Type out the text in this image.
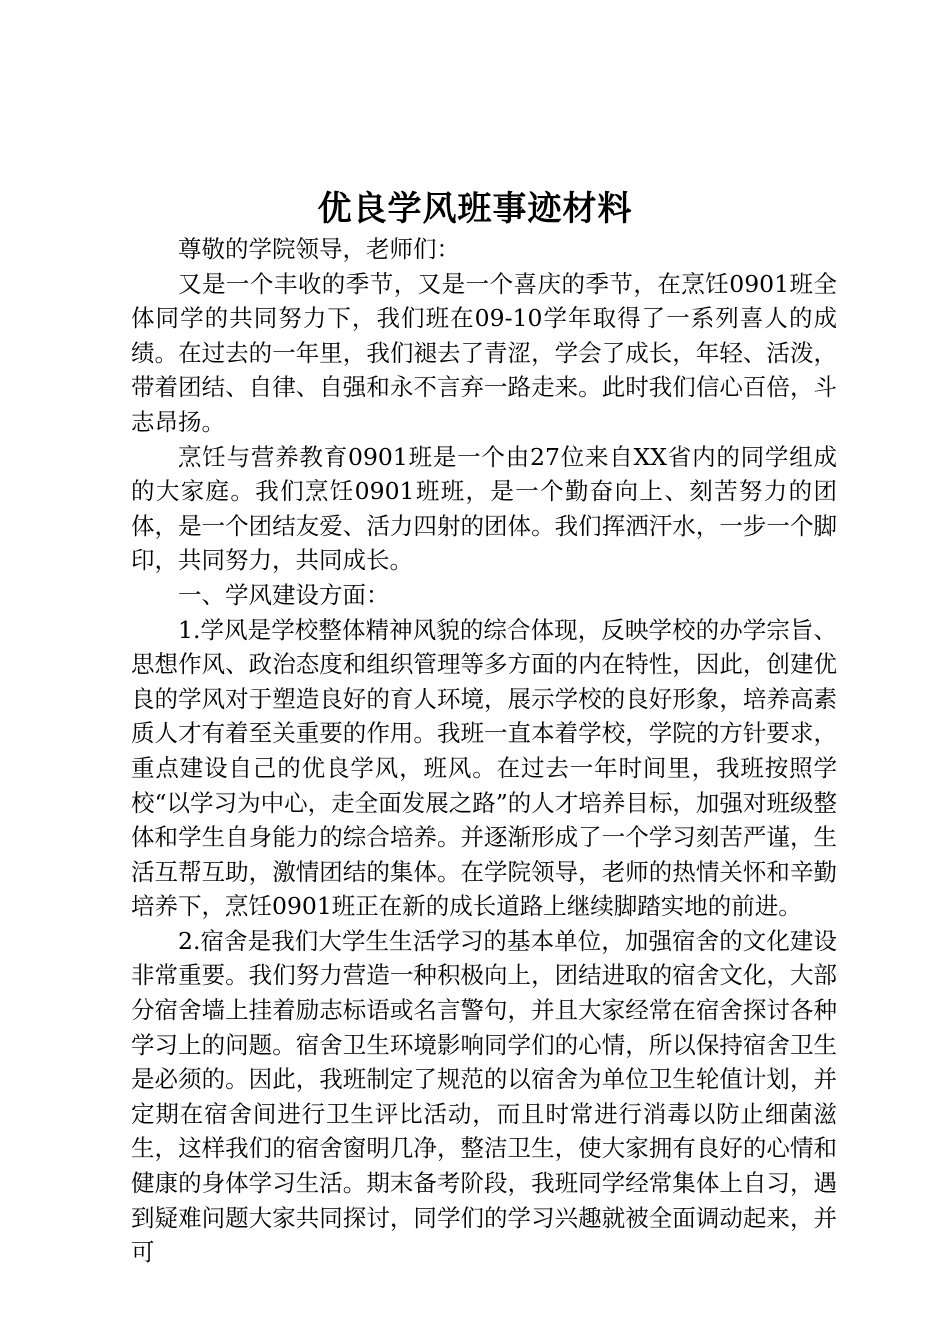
优良学风班事迹材料

尊敬的学院领导，老师们：

又是一个丰收的季节，又是一个喜庆的季节，在烹饪0901班全体同学的共同努力下，我们班在09-10学年取得了一系列喜人的成绩。在过去的一年里，我们褪去了青涩，学会了成长，年轻、活泼，带着团结、自律、自强和永不言弃一路走来。此时我们信心百倍，斗志昂扬。

烹饪与营养教育0901班是一个由27位来自XX省内的同学组成的大家庭。我们烹饪0901班班，是一个勤奋向上、刻苦努力的团体，是一个团结友爱、活力四射的团体。我们挥洒汗水，一步一个脚印，共同努力，共同成长。

一、学风建设方面：

1.学风是学校整体精神风貌的综合体现，反映学校的办学宗旨、思想作风、政治态度和组织管理等多方面的内在特性，因此，创建优良的学风对于塑造良好的育人环境，展示学校的良好形象，培养高素质人才有着至关重要的作用。我班一直本着学校，学院的方针要求，重点建设自己的优良学风，班风。在过去一年时间里，我班按照学校“以学习为中心，走全面发展之路”的人才培养目标，加强对班级整体和学生自身能力的综合培养。并逐渐形成了一个学习刻苦严谨，生活互帮互助，激情团结的集体。在学院领导，老师的热情关怀和辛勤培养下，烹饪0901班正在新的成长道路上继续脚踏实地的前进。

2.宿舍是我们大学生生活学习的基本单位，加强宿舍的文化建设非常重要。我们努力营造一种积极向上，团结进取的宿舍文化，大部分宿舍墙上挂着励志标语或名言警句，并且大家经常在宿舍探讨各种学习上的问题。宿舍卫生环境影响同学们的心情，所以保持宿舍卫生是必须的。因此，我班制定了规范的以宿舍为单位卫生轮值计划，并定期在宿舍间进行卫生评比活动，而且时常进行消毒以防止细菌滋生，这样我们的宿舍窗明几净，整洁卫生，使大家拥有良好的心情和健康的身体学习生活。期末备考阶段，我班同学经常集体上自习，遇到疑难问题大家共同探讨，同学们的学习兴趣就被全面调动起来，并可
